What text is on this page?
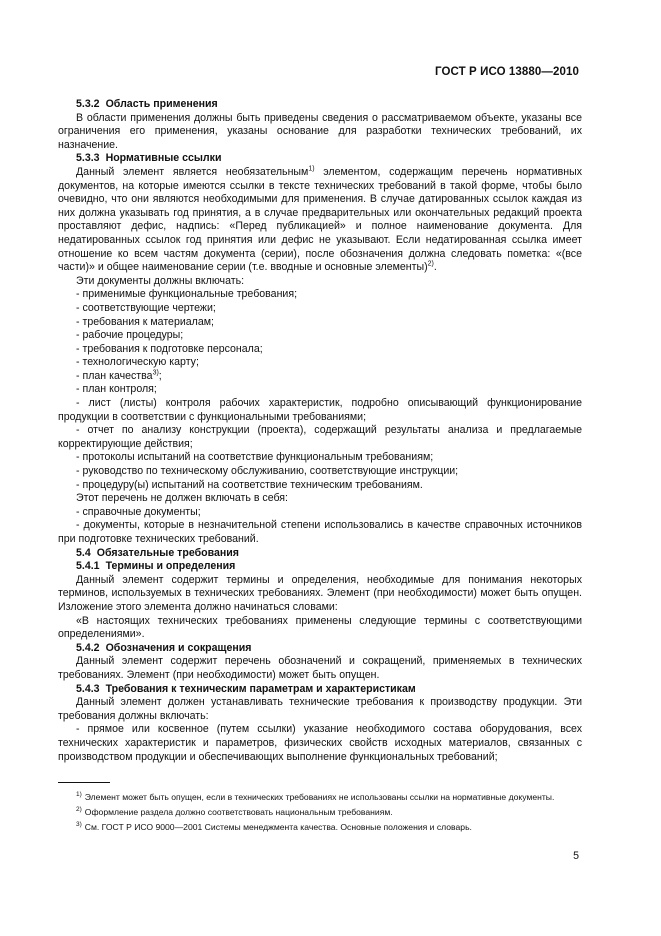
ГОСТ Р ИСО 13880—2010

5.3.2 Область применения

В области применения должны быть приведены сведения о рассматриваемом объекте, указаны все ограничения его применения, указаны основание для разработки технических требований, их назначение.

5.3.3 Нормативные ссылки

Данный элемент является необязательным$^{1)}$ элементом, содержащим перечень нормативных документов, на которые имеются ссылки в тексте технических требований в такой форме, чтобы было очевидно, что они являются необходимыми для применения. В случае датированных ссылок каждая из них должна указывать год принятия, а в случае предварительных или окончательных редакций проекта проставляют дефис, надпись: «Перед публикацией» и полное наименование документа. Для недатированных ссылок год принятия или дефис не указывают. Если недатированная ссылка имеет отношение ко всем частям документа (серии), после обозначения должна следовать пометка: «(все части)» и общее наименование серии (т.е. вводные и основные элементы)$^{2)}$.

Эти документы должны включать:

- применимые функциональные требования;

- соответствующие чертежи;

- требования к материалам;

- рабочие процедуры;

- требования к подготовке персонала;

- технологическую карту;

- план качества$^{3)}$;

- план контроля;

- лист (листы) контроля рабочих характеристик, подробно описывающий функционирование продукции в соответствии с функциональными требованиями;

- отчет по анализу конструкции (проекта), содержащий результаты анализа и предлагаемые корректирующие действия;

- протоколы испытаний на соответствие функциональным требованиям;

- руководство по техническому обслуживанию, соответствующие инструкции;

- процедуру(ы) испытаний на соответствие техническим требованиям.

Этот перечень не должен включать в себя:

- справочные документы;

- документы, которые в незначительной степени использовались в качестве справочных источников при подготовке технических требований.

5.4 Обязательные требования

5.4.1 Термины и определения

Данный элемент содержит термины и определения, необходимые для понимания некоторых терминов, используемых в технических требованиях. Элемент (при необходимости) может быть опущен. Изложение этого элемента должно начинаться словами:

«В настоящих технических требованиях применены следующие термины с соответствующими определениями».

5.4.2 Обозначения и сокращения

Данный элемент содержит перечень обозначений и сокращений, применяемых в технических требованиях. Элемент (при необходимости) может быть опущен.

5.4.3 Требования к техническим параметрам и характеристикам

Данный элемент должен устанавливать технические требования к производству продукции. Эти требования должны включать:

- прямое или косвенное (путем ссылки) указание необходимого состава оборудования, всех технических характеристик и параметров, физических свойств исходных материалов, связанных с производством продукции и обеспечивающих выполнение функциональных требований;

$^{1)}$ Элемент может быть опущен, если в технических требованиях не использованы ссылки на нормативные документы.

$^{2)}$ Оформление раздела должно соответствовать национальным требованиям.

$^{3)}$ См. ГОСТ Р ИСО 9000—2001 Системы менеджмента качества. Основные положения и словарь.

5
